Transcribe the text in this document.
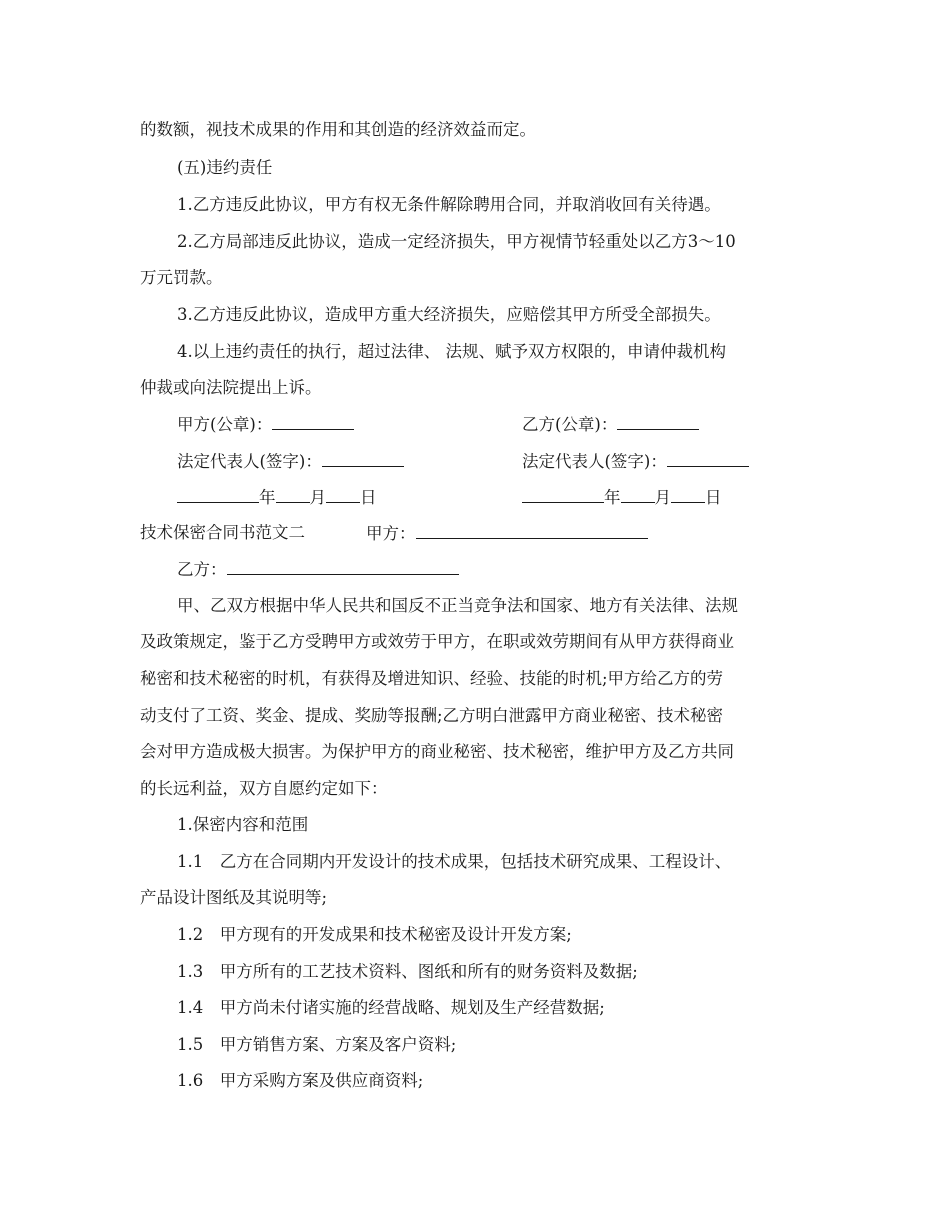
的数额，视技术成果的作用和其创造的经济效益而定。
(五)违约责任
1.乙方违反此协议，甲方有权无条件解除聘用合同，并取消收回有关待遇。
2.乙方局部违反此协议，造成一定经济损失，甲方视情节轻重处以乙方3～10
万元罚款。
3.乙方违反此协议，造成甲方重大经济损失，应赔偿其甲方所受全部损失。
4.以上违约责任的执行，超过法律、 法规、赋予双方权限的，申请仲裁机构
仲裁或向法院提出上诉。
甲方(公章)：	乙方(公章)：
法定代表人(签字)：	法定代表人(签字)：
年 月 日	年 月 日
技术保密合同书范文二	甲方：
乙方：
甲、乙双方根据中华人民共和国反不正当竞争法和国家、地方有关法律、法规
及政策规定，鉴于乙方受聘甲方或效劳于甲方，在职或效劳期间有从甲方获得商业
秘密和技术秘密的时机，有获得及增进知识、经验、技能的时机;甲方给乙方的劳
动支付了工资、奖金、提成、奖励等报酬;乙方明白泄露甲方商业秘密、技术秘密
会对甲方造成极大损害。为保护甲方的商业秘密、技术秘密，维护甲方及乙方共同
的长远利益，双方自愿约定如下：
1.保密内容和范围
1.1　乙方在合同期内开发设计的技术成果，包括技术研究成果、工程设计、
产品设计图纸及其说明等;
1.2　甲方现有的开发成果和技术秘密及设计开发方案;
1.3　甲方所有的工艺技术资料、图纸和所有的财务资料及数据;
1.4　甲方尚未付诸实施的经营战略、规划及生产经营数据;
1.5　甲方销售方案、方案及客户资料;
1.6　甲方采购方案及供应商资料;
